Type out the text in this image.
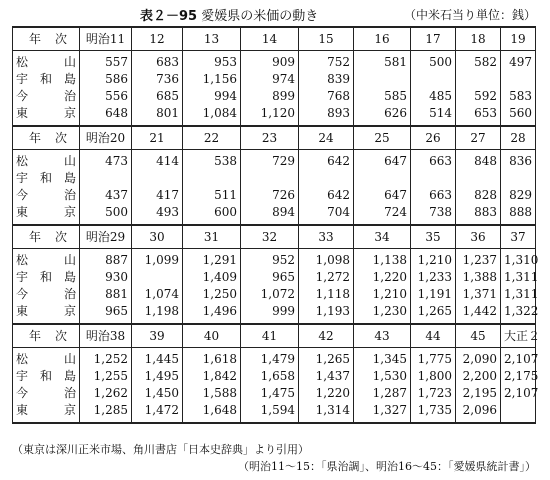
表２－95 愛媛県の米価の動き	（中米石当り単位：銭）
年 次	明治11	12	13	14	15	16	17	18	19
松 山	557	683	953	909	752	581	500	582	497
宇和島	586	736	1,156	974	839				
今 治	556	685	994	899	768	585	485	592	583
東 京	648	801	1,084	1,120	893	626	514	653	560
年 次	明治20	21	22	23	24	25	26	27	28
松 山	473	414	538	729	642	647	663	848	836
宇和島									
今 治	437	417	511	726	642	647	663	828	829
東 京	500	493	600	894	704	724	738	883	888
年 次	明治29	30	31	32	33	34	35	36	37
松 山	887	1,099	1,291	952	1,098	1,138	1,210	1,237	1,310
宇和島	930		1,409	965	1,272	1,220	1,233	1,388	1,311
今 治	881	1,074	1,250	1,072	1,118	1,210	1,191	1,371	1,311
東 京	965	1,198	1,496	999	1,193	1,230	1,265	1,442	1,322
年 次	明治38	39	40	41	42	43	44	45	大正２
松 山	1,252	1,445	1,618	1,479	1,265	1,345	1,775	2,090	2,107
宇和島	1,255	1,495	1,842	1,658	1,437	1,530	1,800	2,200	2,175
今 治	1,262	1,450	1,588	1,475	1,220	1,287	1,723	2,195	2,107
東 京	1,285	1,472	1,648	1,594	1,314	1,327	1,735	2,096	
（東京は深川正米市場、角川書店「日本史辞典」より引用）
（明治11～15：「県治調」、明治16～45：「愛媛県統計書」）
